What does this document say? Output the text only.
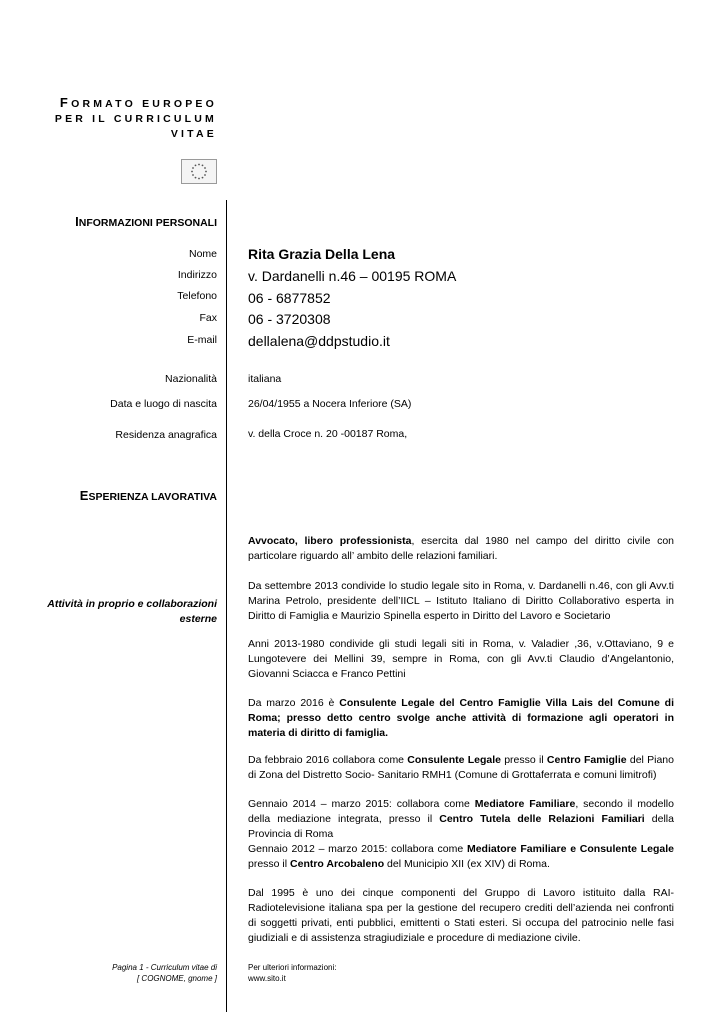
FORMATO EUROPEO
PER IL CURRICULUM
VITAE
INFORMAZIONI PERSONALI
Nome
Indirizzo
Telefono
Fax
E-mail
Nazionalità
Data e luogo di nascita
Residenza anagrafica
Rita Grazia Della Lena
v. Dardanelli n.46 – 00195 ROMA
06 - 6877852
06 - 3720308
dellalena@ddpstudio.it
italiana
26/04/1955 a Nocera Inferiore (SA)
v. della Croce n. 20 -00187 Roma,
ESPERIENZA LAVORATIVA
Attività in proprio e collaborazioni esterne
Avvocato, libero professionista, esercita dal 1980 nel campo del diritto civile con particolare riguardo all’ ambito delle relazioni familiari.
Da settembre 2013 condivide lo studio legale sito in Roma, v. Dardanelli n.46, con gli Avv.ti Marina Petrolo, presidente dell’IICL – Istituto Italiano di Diritto Collaborativo esperta in Diritto di Famiglia e Maurizio Spinella esperto in Diritto del Lavoro e Societario
Anni 2013-1980 condivide gli studi legali siti in Roma, v. Valadier ,36, v.Ottaviano, 9 e Lungotevere dei Mellini 39, sempre in Roma, con gli Avv.ti Claudio d’Angelantonio, Giovanni Sciacca e Franco Pettini
Da marzo 2016 è Consulente Legale del Centro Famiglie Villa Lais del Comune di Roma; presso detto centro svolge anche attività di formazione agli operatori in materia di diritto di famiglia.
Da febbraio 2016 collabora come Consulente Legale presso il Centro Famiglie del Piano di Zona del Distretto Socio- Sanitario RMH1 (Comune di Grottaferrata e comuni limitrofi)
Gennaio 2014 – marzo 2015: collabora come Mediatore Familiare, secondo il modello della mediazione integrata, presso il Centro Tutela delle Relazioni Familiari della Provincia di Roma
Gennaio 2012 – marzo 2015: collabora come Mediatore Familiare e Consulente Legale presso il Centro Arcobaleno del Municipio XII (ex XIV) di Roma.
Dal 1995 è uno dei cinque componenti del Gruppo di Lavoro istituito dalla RAI-Radiotelevisione italiana spa per la gestione del recupero crediti dell’azienda nei confronti di soggetti privati, enti pubblici, emittenti o Stati esteri. Si occupa del patrocinio nelle fasi giudiziali e di assistenza stragiudiziale e procedure di mediazione civile.
Pagina 1 - Curriculum vitae di
[ COGNOME, gnome ]
Per ulteriori informazioni:
www.sito.it
